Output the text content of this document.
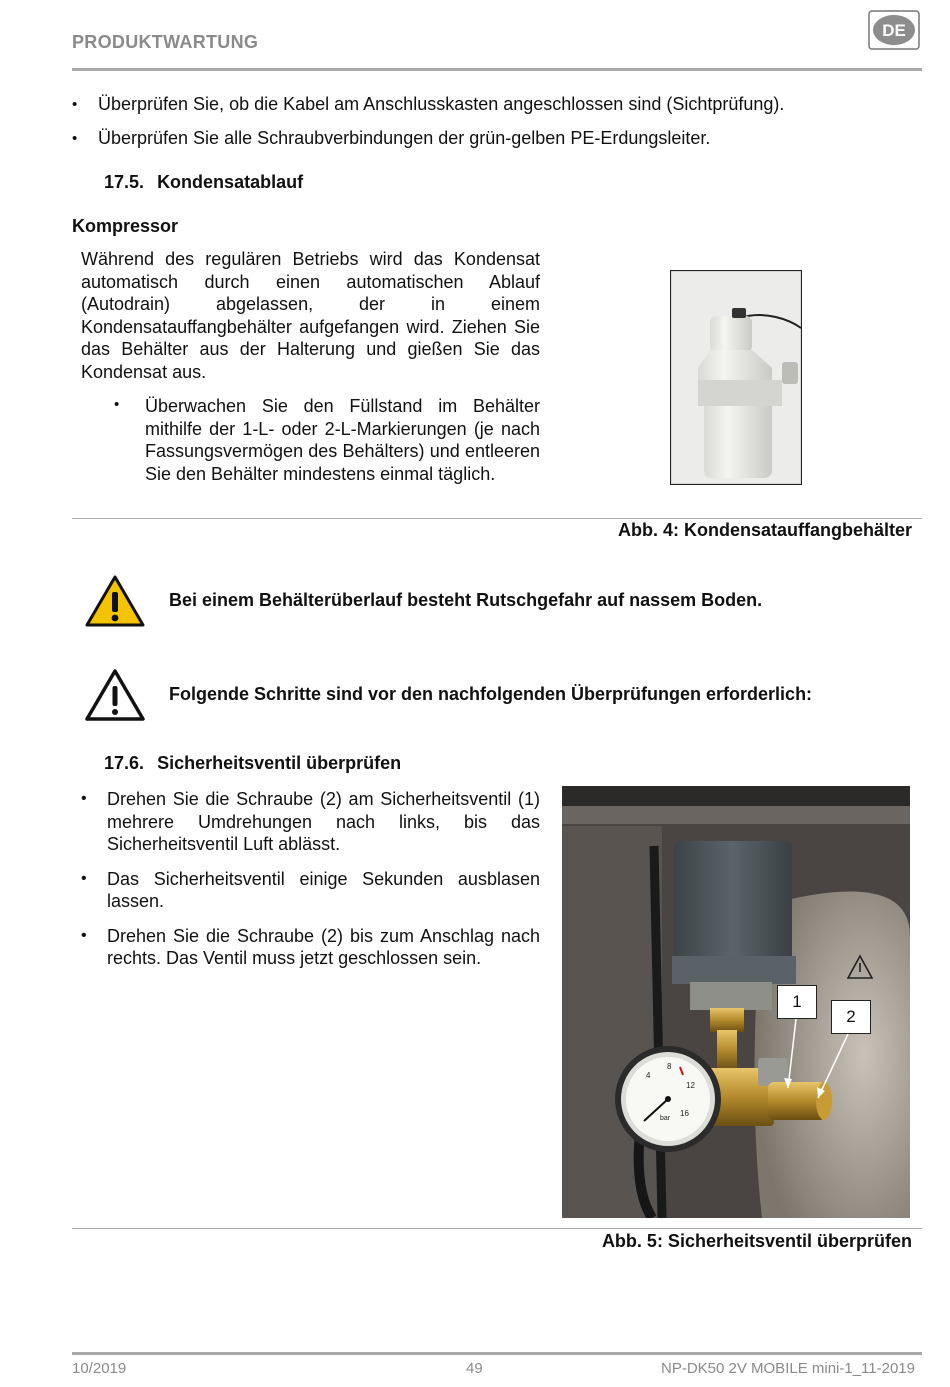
PRODUKTWARTUNG
DE
• Überprüfen Sie, ob die Kabel am Anschlusskasten angeschlossen sind (Sichtprüfung).
• Überprüfen Sie alle Schraubverbindungen der grün-gelben PE-Erdungsleiter.
17.5. Kondensatablauf
Kompressor
Während des regulären Betriebs wird das Kondensat automatisch durch einen automatischen Ablauf (Autodrain) abgelassen, der in einem Kondensatauffangbehälter aufgefangen wird. Ziehen Sie das Behälter aus der Halterung und gießen Sie das Kondensat aus.
• Überwachen Sie den Füllstand im Behälter mithilfe der 1-L- oder 2-L-Markierungen (je nach Fassungsvermögen des Behälters) und entleeren Sie den Behälter mindestens einmal täglich.
Abb. 4: Kondensatauffangbehälter
Bei einem Behälterüberlauf besteht Rutschgefahr auf nassem Boden.
Folgende Schritte sind vor den nachfolgenden Überprüfungen erforderlich:
17.6. Sicherheitsventil überprüfen
• Drehen Sie die Schraube (2) am Sicherheitsventil (1) mehrere Umdrehungen nach links, bis das Sicherheitsventil Luft ablässt.
• Das Sicherheitsventil einige Sekunden ausblasen lassen.
• Drehen Sie die Schraube (2) bis zum Anschlag nach rechts. Das Ventil muss jetzt geschlossen sein.
4
8
12
16
bar
1
2
Abb. 5: Sicherheitsventil überprüfen
10/2019	49	NP-DK50 2V MOBILE mini-1_11-2019
